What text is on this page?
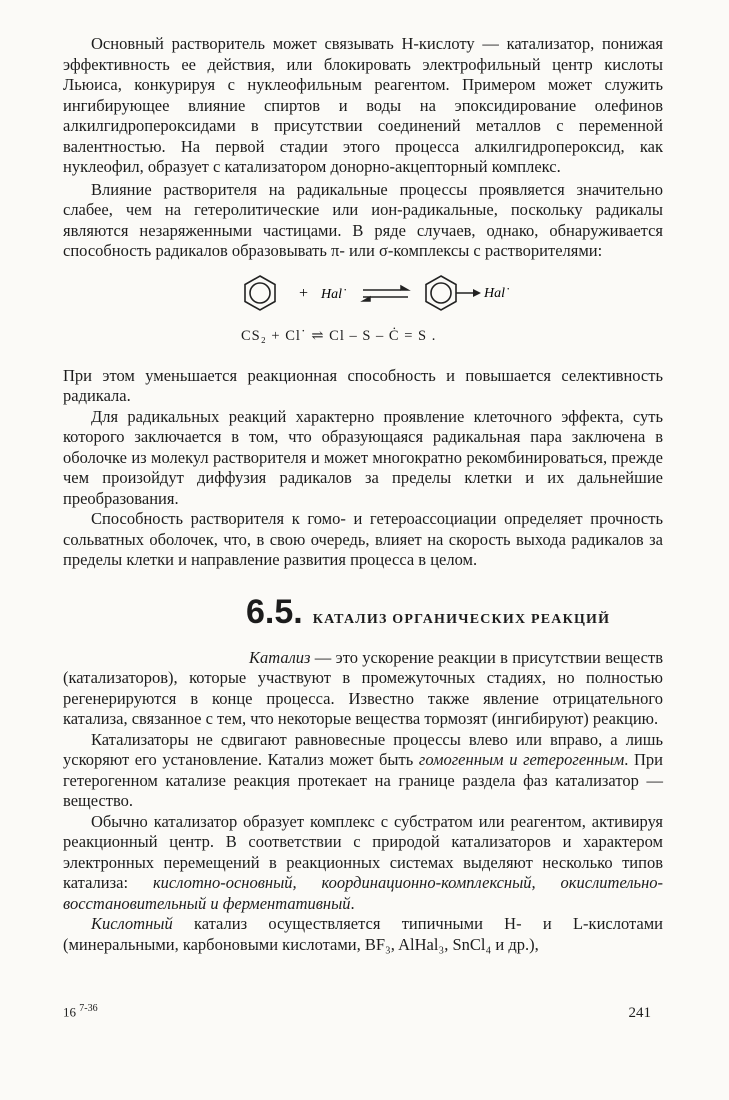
Основный растворитель может связывать H-кислоту — катализатор, понижая эффективность ее действия, или блокировать электрофильный центр кислоты Льюиса, конкурируя с нуклеофильным реагентом. Примером может служить ингибирующее влияние спиртов и воды на эпоксидирование олефинов алкилгидропероксидами в присутствии соединений металлов с переменной валентностью. На первой стадии этого процесса алкилгидропероксид, как нуклеофил, образует с катализатором донорно-акцепторный комплекс.

Влияние растворителя на радикальные процессы проявляется значительно слабее, чем на гетеролитические или ион-радикальные, поскольку радикалы являются незаряженными частицами. В ряде случаев, однако, обнаруживается способность радикалов образовывать π- или σ-комплексы с растворителями:

+ Hal˙	Hal˙
CS₂ + Cl˙ ⇌ Cl – S – Ċ = S .

При этом уменьшается реакционная способность и повышается селективность радикала.

Для радикальных реакций характерно проявление клеточного эффекта, суть которого заключается в том, что образующаяся радикальная пара заключена в оболочке из молекул растворителя и может многократно рекомбинироваться, прежде чем произойдут диффузия радикалов за пределы клетки и их дальнейшие преобразования.

Способность растворителя к гомо- и гетероассоциации определяет прочность сольватных оболочек, что, в свою очередь, влияет на скорость выхода радикалов за пределы клетки и направление развития процесса в целом.

6.5. КАТАЛИЗ ОРГАНИЧЕСКИХ РЕАКЦИЙ

Катализ — это ускорение реакции в присутствии веществ (катализаторов), которые участвуют в промежуточных стадиях, но полностью регенерируются в конце процесса. Известно также явление отрицательного катализа, связанное с тем, что некоторые вещества тормозят (ингибируют) реакцию.

Катализаторы не сдвигают равновесные процессы влево или вправо, а лишь ускоряют его установление. Катализ может быть гомогенным и гетерогенным. При гетерогенном катализе реакция протекает на границе раздела фаз катализатор — вещество.

Обычно катализатор образует комплекс с субстратом или реагентом, активируя реакционный центр. В соответствии с природой катализаторов и характером электронных перемещений в реакционных системах выделяют несколько типов катализа: кислотно-основный, координационно-комплексный, окислительно-восстановительный и ферментативный.

Кислотный катализ осуществляется типичными H- и L-кислотами (минеральными, карбоновыми кислотами, BF₃, AlHal₃, SnCl₄ и др.),

16 $^{7-36}$	241
